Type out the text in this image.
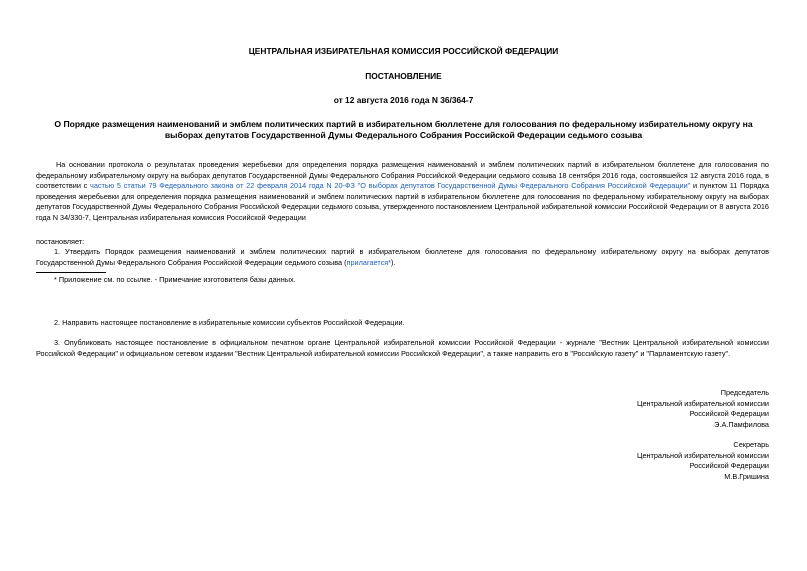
ЦЕНТРАЛЬНАЯ ИЗБИРАТЕЛЬНАЯ КОМИССИЯ РОССИЙСКОЙ ФЕДЕРАЦИИ
ПОСТАНОВЛЕНИЕ
от 12 августа 2016 года N 36/364-7
О Порядке размещения наименований и эмблем политических партий в избирательном бюллетене для голосования по федеральному избирательному округу на выборах депутатов Государственной Думы Федерального Собрания Российской Федерации седьмого созыва
На основании протокола о результатах проведения жеребьевки для определения порядка размещения наименований и эмблем политических партий в избирательном бюллетене для голосования по федеральному избирательному округу на выборах депутатов Государственной Думы Федерального Собрания Российской Федерации седьмого созыва 18 сентября 2016 года, состоявшейся 12 августа 2016 года, в соответствии с частью 5 статьи 79 Федерального закона от 22 февраля 2014 года N 20-ФЗ "О выборах депутатов Государственной Думы Федерального Собрания Российской Федерации" и пунктом 11 Порядка проведения жеребьевки для определения порядка размещения наименований и эмблем политических партий в избирательном бюллетене для голосования по федеральному избирательному округу на выборах депутатов Государственной Думы Федерального Собрания Российской Федерации седьмого созыва, утвержденного постановлением Центральной избирательной комиссии Российской Федерации от 8 августа 2016 года N 34/330-7, Центральная избирательная комиссия Российской Федерации
постановляет:
1. Утвердить Порядок размещения наименований и эмблем политических партий в избирательном бюллетене для голосования по федеральному избирательному округу на выборах депутатов Государственной Думы Федерального Собрания Российской Федерации седьмого созыва (прилагается*).
* Приложение см. по ссылке. - Примечание изготовителя базы данных.
2. Направить настоящее постановление в избирательные комиссии субъектов Российской Федерации.
3. Опубликовать настоящее постановление в официальном печатном органе Центральной избирательной комиссии Российской Федерации - журнале "Вестник Центральной избирательной комиссии Российской Федерации" и официальном сетевом издании "Вестник Центральной избирательной комиссии Российской Федерации", а также направить его в "Российскую газету" и "Парламентскую газету".
Председатель
Центральной избирательной комиссии
Российской Федерации
Э.А.Памфилова
Секретарь
Центральной избирательной комиссии
Российской Федерации
М.В.Гришина
